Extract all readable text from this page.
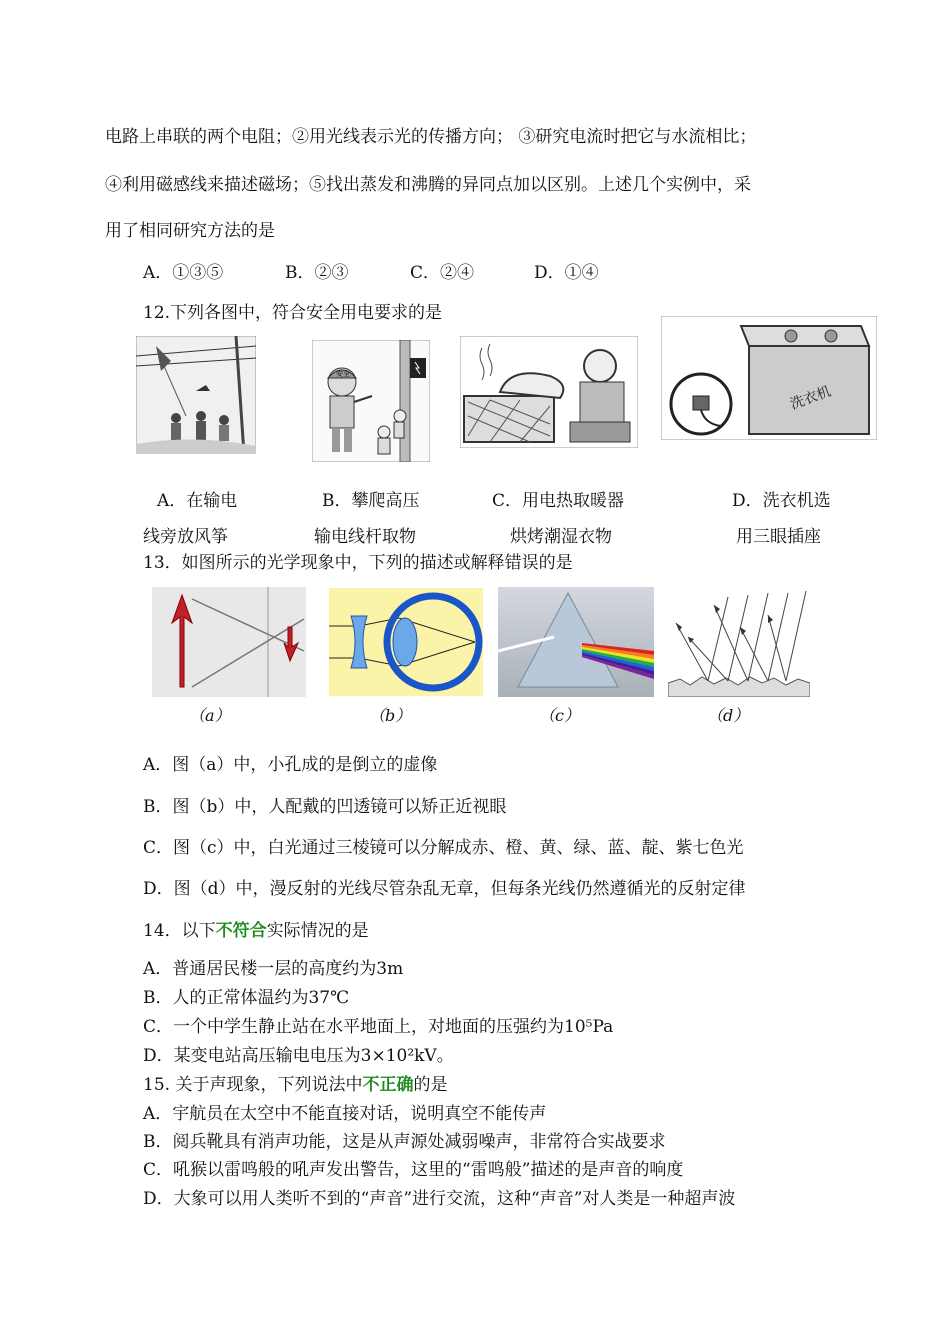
电路上串联的两个电阻；②用光线表示光的传播方向； ③研究电流时把它与水流相比；
④利用磁感线来描述磁场；⑤找出蒸发和沸腾的异同点加以区别。上述几个实例中，采
用了相同研究方法的是
A．①③⑤	B．②③	C．②④	D．①④
12.下列各图中，符合安全用电要求的是
安全
洗衣机
A．在输电
线旁放风筝
B．攀爬高压
输电线杆取物
C．用电热取暖器
烘烤潮湿衣物
D．洗衣机选
用三眼插座
13．如图所示的光学现象中，下列的描述或解释错误的是
（a）	（b）	（c）	（d）
A．图（a）中，小孔成的是倒立的虚像
B．图（b）中，人配戴的凹透镜可以矫正近视眼
C．图（c）中，白光通过三棱镜可以分解成赤、橙、黄、绿、蓝、靛、紫七色光
D．图（d）中，漫反射的光线尽管杂乱无章，但每条光线仍然遵循光的反射定律
14．以下不符合实际情况的是
A．普通居民楼一层的高度约为3m
B．人的正常体温约为37℃
C．一个中学生静止站在水平地面上，对地面的压强约为10⁵Pa
D．某变电站高压输电电压为3×10²kV。
15. 关于声现象，下列说法中不正确的是
A．宇航员在太空中不能直接对话，说明真空不能传声
B．阅兵靴具有消声功能，这是从声源处减弱噪声，非常符合实战要求
C．吼猴以雷鸣般的吼声发出警告，这里的“雷鸣般”描述的是声音的响度
D．大象可以用人类听不到的“声音”进行交流，这种“声音”对人类是一种超声波
